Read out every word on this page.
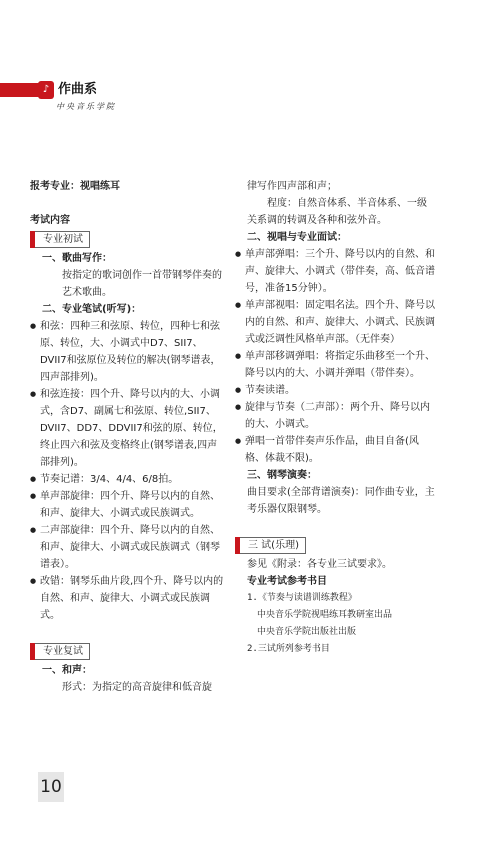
♪ 作曲系
中央音乐学院

报考专业：视唱练耳

考试内容

专业初试

一、歌曲写作：

按指定的歌词创作一首带钢琴伴奏的艺术歌曲。

二、专业笔试(听写)：

● 和弦：四种三和弦原、转位，四种七和弦原、转位，大、小调式中D7、SII7、DVII7和弦原位及转位的解决(钢琴谱表，四声部排列)。

● 和弦连接：四个升、降号以内的大、小调式，含D7、副属七和弦原、转位,SII7、DVII7、DD7、DDVII7和弦的原、转位，终止四六和弦及变格终止(钢琴谱表,四声部排列)。

● 节奏记谱：3/4、4/4、6/8拍。

● 单声部旋律：四个升、降号以内的自然、和声、旋律大、小调式或民族调式。

● 二声部旋律：四个升、降号以内的自然、和声、旋律大、小调式或民族调式（钢琴谱表）。

● 改错：钢琴乐曲片段,四个升、降号以内的自然、和声、旋律大、小调式或民族调式。

专业复试

一、和声：

形式：为指定的高音旋律和低音旋

律写作四声部和声；

程度：自然音体系、半音体系、一级关系调的转调及各种和弦外音。

二、视唱与专业面试：

● 单声部弹唱：三个升、降号以内的自然、和声、旋律大、小调式（带伴奏，高、低音谱号，准备15分钟）。

● 单声部视唱：固定唱名法。四个升、降号以内的自然、和声、旋律大、小调式、民族调式或泛调性风格单声部。（无伴奏）

● 单声部移调弹唱：将指定乐曲移至一个升、降号以内的大、小调并弹唱（带伴奏）。

● 节奏读谱。

● 旋律与节奏（二声部）：两个升、降号以内的大、小调式。

● 弹唱一首带伴奏声乐作品，曲目自备(风格、体裁不限)。

三、钢琴演奏：

曲目要求(全部背谱演奏)：同作曲专业，主考乐器仅限钢琴。

三 试(乐理)

参见《附录：各专业三试要求》。

专业考试参考书目

1.《节奏与读谱训练教程》

中央音乐学院视唱练耳教研室出品

中央音乐学院出版社出版

2.三试所列参考书目

10
